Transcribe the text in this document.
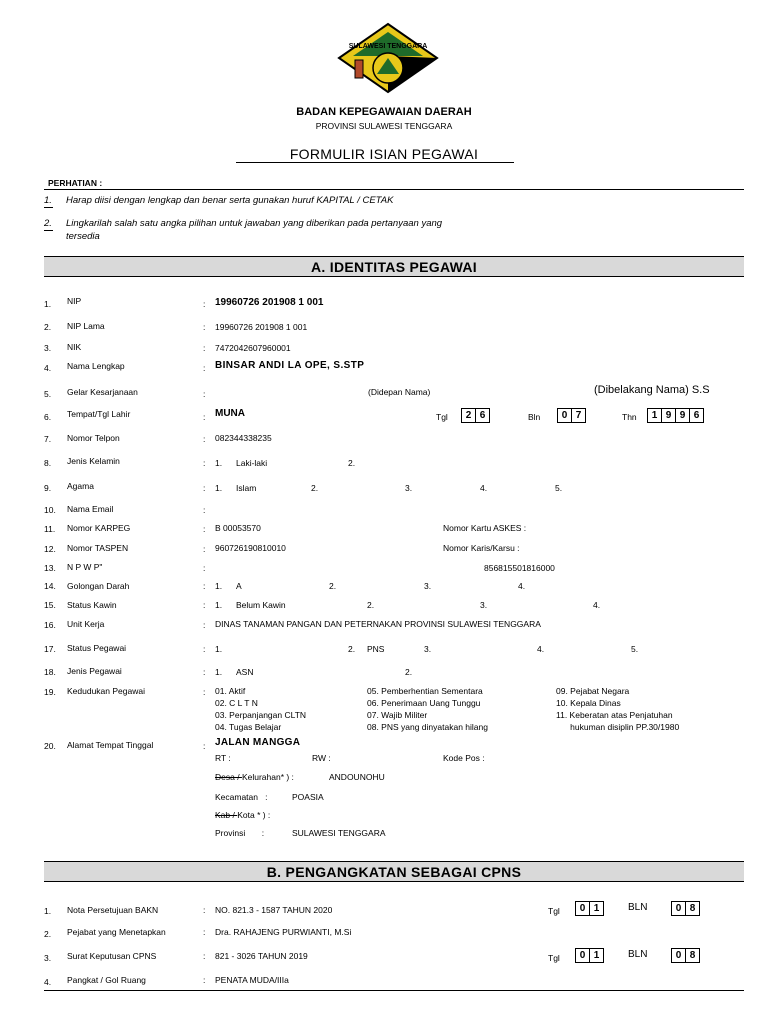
SULAWESI TENGGARA
BADAN KEPEGAWAIAN DAERAH
PROVINSI SULAWESI TENGGARA
FORMULIR ISIAN PEGAWAI
PERHATIAN :
1. Harap diisi dengan lengkap dan benar serta gunakan huruf KAPITAL / CETAK
2. Lingkarilah salah satu angka pilihan untuk jawaban yang diberikan pada pertanyaan yang
tersedia
A. IDENTITAS PEGAWAI
1. NIP	: 19960726 201908 1 001
2. NIP Lama	: 19960726 201908 1 001
3. NIK	: 7472042607960001
4. Nama Lengkap	: BINSAR ANDI LA OPE, S.STP
5. Gelar Kesarjanaan	:	(Didepan Nama)	(Dibelakang Nama) S.S
6. Tempat/Tgl Lahir	: MUNA	Tgl	2 6	Bln	0 7	Thn	1 9 9 6
7. Nomor Telpon	: 082344338235
8. Jenis Kelamin	: 1. Laki-laki	2.
9. Agama	: 1. Islam	2.	3.	4.	5.
10. Nama Email	:
11. Nomor KARPEG	: B 00053570	Nomor Kartu ASKES :
12. Nomor TASPEN	: 960726190810010	Nomor Karis/Karsu :
13. N P W P"	:	856815501816000
14. Golongan Darah	: 1. A	2.	3.	4.
15. Status Kawin	: 1. Belum Kawin	2.	3.	4.
16. Unit Kerja	: DINAS TANAMAN PANGAN DAN PETERNAKAN PROVINSI SULAWESI TENGGARA
17. Status Pegawai	: 1.	2. PNS	3.	4.	5.
18. Jenis Pegawai	: 1. ASN	2.
19. Kedudukan Pegawai	: 01. Aktif
02. C L T N
03. Perpanjangan CLTN
04. Tugas Belajar
05. Pemberhentian Sementara
06. Penerimaan Uang Tunggu
07. Wajib Militer
08. PNS yang dinyatakan hilang
09. Pejabat Negara
10. Kepala Dinas
11. Keberatan atas Penjatuhan
hukuman disiplin PP.30/1980
20. Alamat Tempat Tinggal	: JALAN MANGGA
RT :	RW :	Kode Pos :
Desa / Kelurahan* ) :	ANDOUNOHU
Kecamatan   :	POASIA
Kab / Kota * ) :
Provinsi       :	SULAWESI TENGGARA
B. PENGANGKATAN SEBAGAI CPNS
1. Nota Persetujuan BAKN	: NO. 821.3 - 1587 TAHUN 2020	Tgl	0 1	BLN	0 8
2. Pejabat yang Menetapkan	: Dra. RAHAJENG PURWIANTI, M.Si
3. Surat Keputusan CPNS	: 821 - 3026 TAHUN 2019	Tgl	0 1	BLN	0 8
4. Pangkat / Gol Ruang	: PENATA MUDA/IIIa
